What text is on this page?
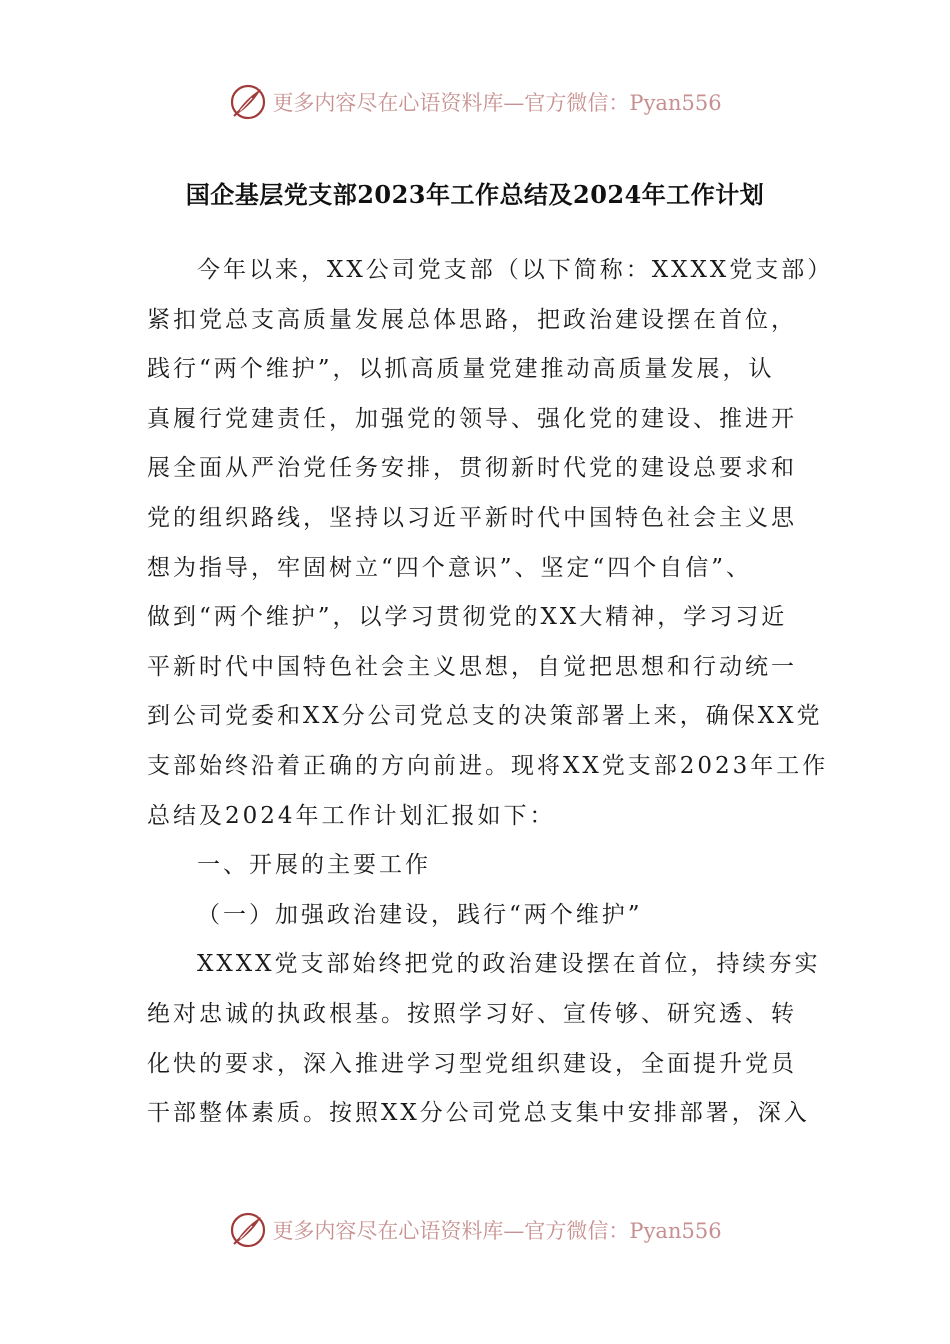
更多内容尽在心语资料库—官方微信：Pyan556
国企基层党支部2023年工作总结及2024年工作计划
今年以来，XX公司党支部（以下简称：XXXX党支部）
紧扣党总支高质量发展总体思路，把政治建设摆在首位，
践行“两个维护”，以抓高质量党建推动高质量发展，认
真履行党建责任，加强党的领导、强化党的建设、推进开
展全面从严治党任务安排，贯彻新时代党的建设总要求和
党的组织路线，坚持以习近平新时代中国特色社会主义思
想为指导，牢固树立“四个意识”、坚定“四个自信”、
做到“两个维护”，以学习贯彻党的XX大精神，学习习近
平新时代中国特色社会主义思想，自觉把思想和行动统一
到公司党委和XX分公司党总支的决策部署上来，确保XX党
支部始终沿着正确的方向前进。现将XX党支部2023年工作
总结及2024年工作计划汇报如下：
一、开展的主要工作
（一）加强政治建设，践行“两个维护”
XXXX党支部始终把党的政治建设摆在首位，持续夯实
绝对忠诚的执政根基。按照学习好、宣传够、研究透、转
化快的要求，深入推进学习型党组织建设，全面提升党员
干部整体素质。按照XX分公司党总支集中安排部署，深入
更多内容尽在心语资料库—官方微信：Pyan556
